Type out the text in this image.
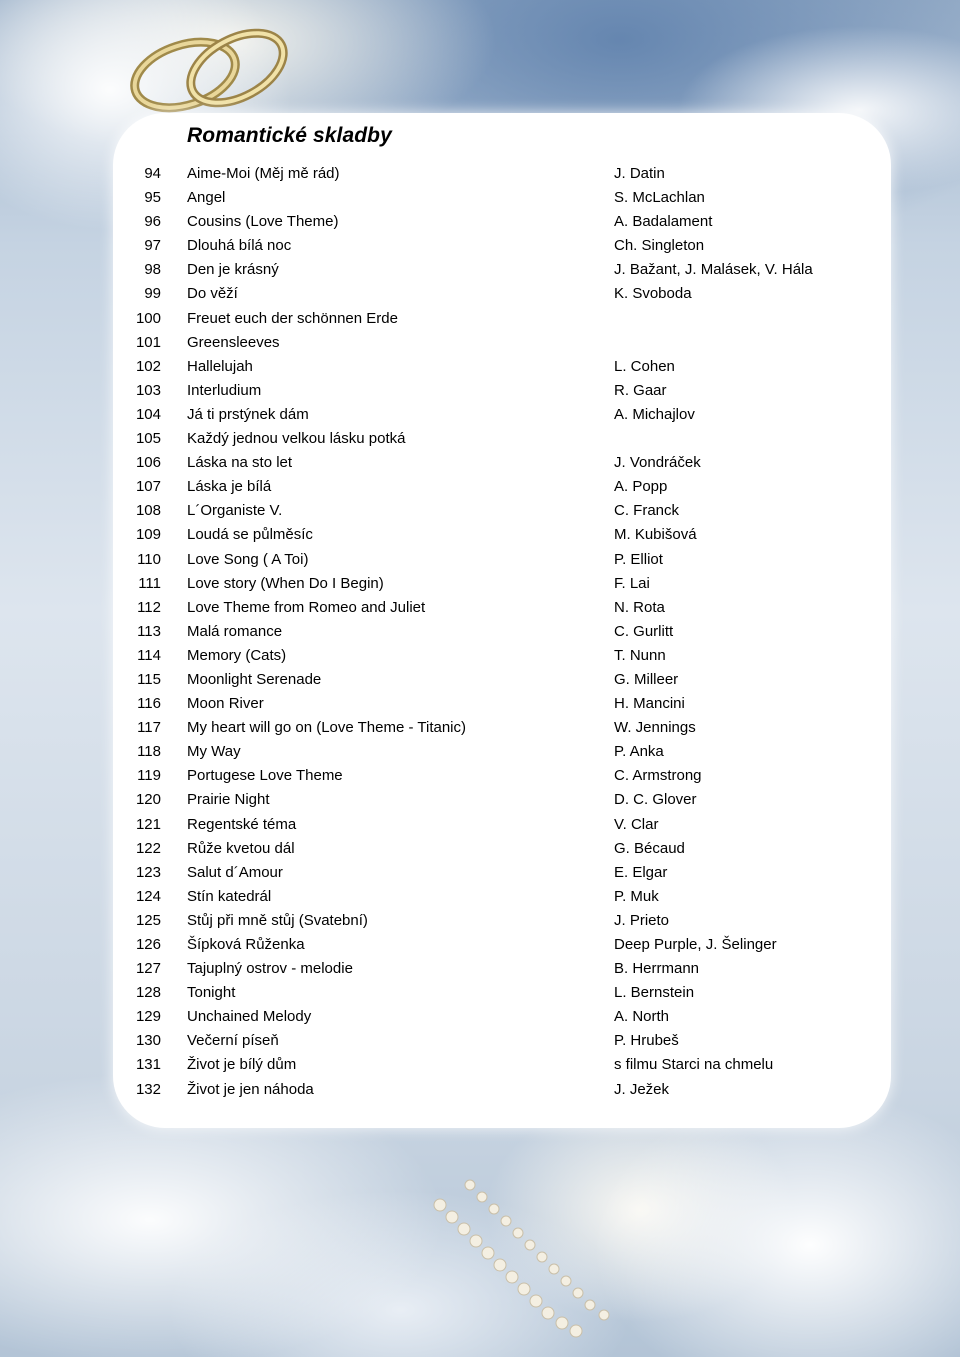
Romantické skladby
94 Aime-Moi (Měj mě rád)	J. Datin
95 Angel	S. McLachlan
96 Cousins (Love Theme)	A. Badalament
97 Dlouhá bílá noc	Ch. Singleton
98 Den je krásný	J. Bažant, J. Malásek, V. Hála
99 Do věží	K. Svoboda
100 Freuet euch der schönnen Erde
101 Greensleeves
102 Hallelujah	L. Cohen
103 Interludium	R. Gaar
104 Já ti prstýnek dám	A. Michajlov
105 Každý jednou velkou lásku potká
106 Láska na sto let	J. Vondráček
107 Láska je bílá	A. Popp
108 L´Organiste V.	C. Franck
109 Loudá se půlměsíc	M. Kubišová
110 Love Song ( A Toi)	P. Elliot
111 Love story (When Do I Begin)	F. Lai
112 Love Theme from Romeo and Juliet	N. Rota
113 Malá romance	C. Gurlitt
114 Memory (Cats)	T. Nunn
115 Moonlight Serenade	G. Milleer
116 Moon River	H. Mancini
117 My heart will go on (Love Theme - Titanic)	W. Jennings
118 My Way	P. Anka
119 Portugese Love Theme	C. Armstrong
120 Prairie Night	D. C. Glover
121 Regentské téma	V. Clar
122 Růže kvetou dál	G. Bécaud
123 Salut d´Amour	E. Elgar
124 Stín katedrál	P. Muk
125 Stůj při mně stůj (Svatební)	J. Prieto
126 Šípková Růženka	Deep Purple, J. Šelinger
127 Tajuplný ostrov - melodie	B. Herrmann
128 Tonight	L. Bernstein
129 Unchained Melody	A. North
130 Večerní píseň	P. Hrubeš
131 Život je bílý dům	s filmu Starci na chmelu
132 Život je jen náhoda	J. Ježek
